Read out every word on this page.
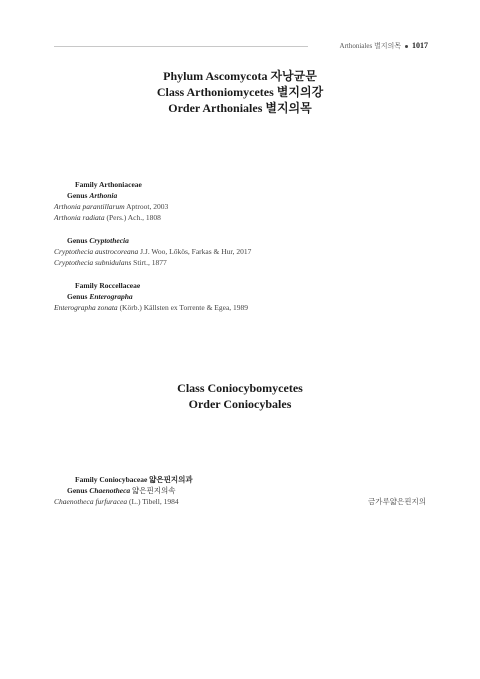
Arthoniales 별지의목 1017
Phylum Ascomycota 자낭균문
Class Arthoniomycetes 별지의강
Order Arthoniales 별지의목
Family Arthoniaceae
Genus Arthonia
Arthonia parantillarum Aptroot, 2003
Arthonia radiata (Pers.) Ach., 1808
Genus Cryptothecia
Cryptothecia austrocoreana J.J. Woo, Lőkös, Farkas & Hur, 2017
Cryptothecia subnidulans Stirt., 1877
Family Roccellaceae
Genus Enterographa
Enterographa zonata (Körb.) Källsten ex Torrente & Egea, 1989
Class Coniocybomycetes
Order Coniocybales
Family Coniocybaceae 얇은핀지의과
Genus Chaenotheca 얇은핀지의속
Chaenotheca furfuracea (L.) Tibell, 1984	금가루얇은핀지의
